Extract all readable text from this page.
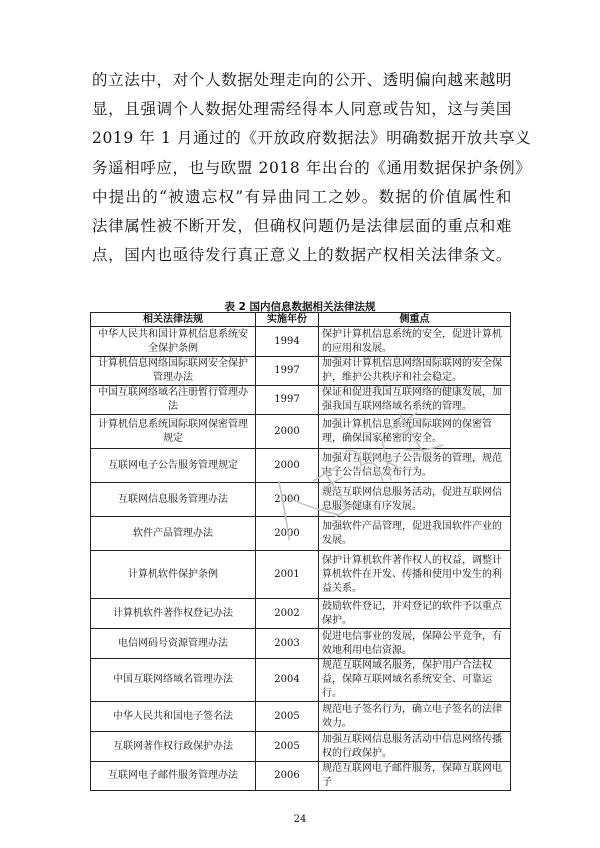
的立法中，对个人数据处理走向的公开、透明偏向越来越明
显，且强调个人数据处理需经得本人同意或告知，这与美国
2019 年 1 月通过的《开放政府数据法》明确数据开放共享义
务遥相呼应，也与欧盟 2018 年出台的《通用数据保护条例》
中提出的“被遗忘权”有异曲同工之妙。数据的价值属性和
法律属性被不断开发，但确权问题仍是法律层面的重点和难
点，国内也亟待发行真正意义上的数据产权相关法律条文。
表 2 国内信息数据相关法律法规
相关法律法规	实施年份	侧重点
中华人民共和国计算机信息系统安全保护条例	1994	保护计算机信息系统的安全，促进计算机的应用和发展。
计算机信息网络国际联网安全保护管理办法	1997	加强对计算机信息网络国际联网的安全保护，维护公共秩序和社会稳定。
中国互联网络域名注册暂行管理办法	1997	保证和促进我国互联网络的健康发展，加强我国互联网络域名系统的管理。
计算机信息系统国际联网保密管理规定	2000	加强计算机信息系统国际联网的保密管理，确保国家秘密的安全。
互联网电子公告服务管理规定	2000	加强对互联网电子公告服务的管理，规范电子公告信息发布行为。
互联网信息服务管理办法	2000	规范互联网信息服务活动，促进互联网信息服务健康有序发展。
软件产品管理办法	2000	加强软件产品管理，促进我国软件产业的发展。
计算机软件保护条例	2001	保护计算机软件著作权人的权益，调整计算机软件在开发、传播和使用中发生的利益关系。
计算机软件著作权登记办法	2002	鼓励软件登记，并对登记的软件予以重点保护。
电信网码号资源管理办法	2003	促进电信事业的发展，保障公平竞争，有效地利用电信资源。
中国互联网络域名管理办法	2004	规范互联网域名服务，保护用户合法权益，保障互联网域名系统安全、可靠运行。
中华人民共和国电子签名法	2005	规范电子签名行为，确立电子签名的法律效力。
互联网著作权行政保护办法	2005	加强互联网信息服务活动中信息网络传播权的行政保护。
互联网电子邮件服务管理办法	2006	规范互联网电子邮件服务，保障互联网电子
24
